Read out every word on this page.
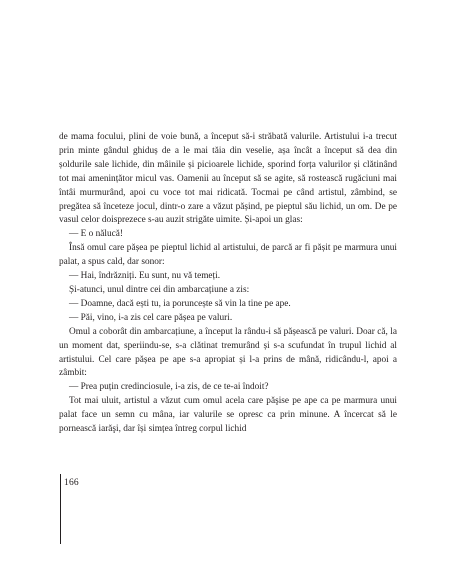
de mama focului, plini de voie bună, a început să-i străbată valurile. Artistului i-a trecut prin minte gândul ghiduș de a le mai tăia din veselie, așa încât a început să dea din șoldurile sale lichide, din mâinile și picioarele lichide, sporind forța valurilor și clătinând tot mai amenințător micul vas. Oamenii au început să se agite, să rostească rugăciuni mai întâi murmurând, apoi cu voce tot mai ridicată. Tocmai pe când artistul, zâmbind, se pregătea să înceteze jocul, dintr-o zare a văzut pășind, pe pieptul său lichid, un om. De pe vasul celor doisprezece s-au auzit strigăte uimite. Și-apoi un glas:

— E o nălucă!

Însă omul care pășea pe pieptul lichid al artistului, de parcă ar fi pășit pe marmura unui palat, a spus cald, dar sonor:

— Hai, îndrăzniți. Eu sunt, nu vă temeți.

Și-atunci, unul dintre cei din ambarcațiune a zis:

— Doamne, dacă ești tu, ia poruncește să vin la tine pe ape.

— Păi, vino, i-a zis cel care pășea pe valuri.

Omul a coborât din ambarcațiune, a început la rându-i să pășească pe valuri. Doar că, la un moment dat, speriindu-se, s-a clătinat tremurând și s-a scufundat în trupul lichid al artistului. Cel care pășea pe ape s-a apropiat și l-a prins de mână, ridicându-l, apoi a zâmbit:

— Prea puțin credinciosule, i-a zis, de ce te-ai îndoit?

Tot mai uluit, artistul a văzut cum omul acela care păşise pe ape ca pe marmura unui palat face un semn cu mâna, iar valurile se opresc ca prin minune. A încercat să le pornească iarăşi, dar își simțea întreg corpul lichid

166
